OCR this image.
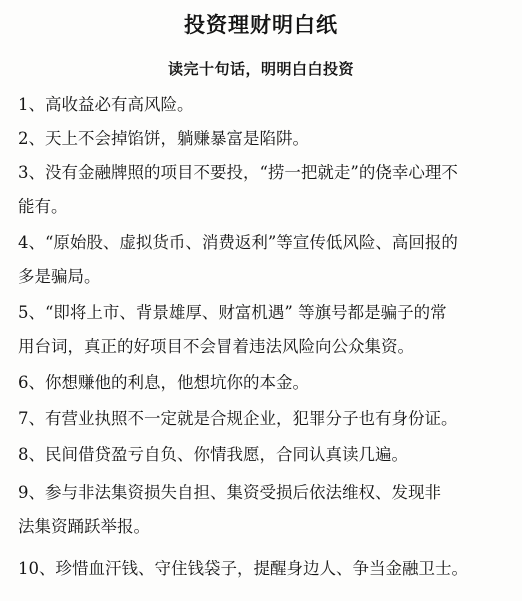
投资理财明白纸
读完十句话，明明白白投资
1、高收益必有高风险。
2、天上不会掉馅饼，躺赚暴富是陷阱。
3、没有金融牌照的项目不要投，“捞一把就走”的侥幸心理不
能有。
4、“原始股、虚拟货币、消费返利”等宣传低风险、高回报的
多是骗局。
5、“即将上市、背景雄厚、财富机遇” 等旗号都是骗子的常
用台词，真正的好项目不会冒着违法风险向公众集资。
6、你想赚他的利息，他想坑你的本金。
7、有营业执照不一定就是合规企业，犯罪分子也有身份证。
8、民间借贷盈亏自负、你情我愿，合同认真读几遍。
9、参与非法集资损失自担、集资受损后依法维权、发现非
法集资踊跃举报。
10、珍惜血汗钱、守住钱袋子，提醒身边人、争当金融卫士。
